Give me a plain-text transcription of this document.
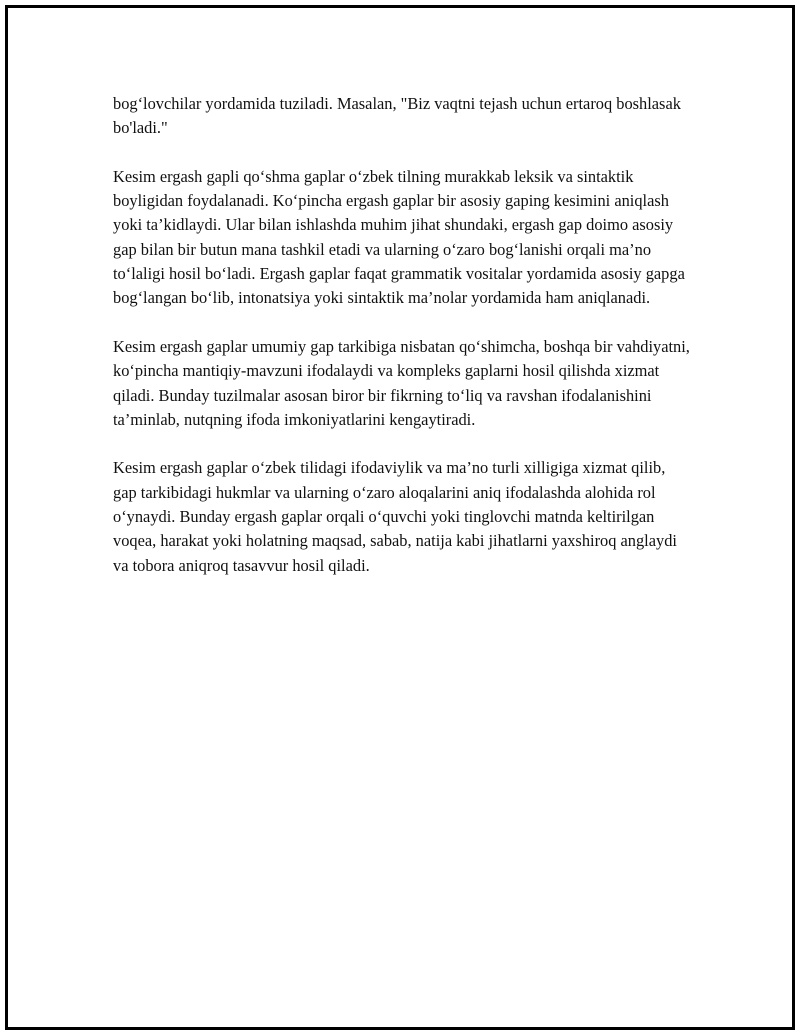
bog‘lovchilar yordamida tuziladi. Masalan, "Biz vaqtni tejash uchun ertaroq boshlasak bo'ladi."

Kesim ergash gapli qo‘shma gaplar o‘zbek tilning murakkab leksik va sintaktik boyligidan foydalanadi. Ko‘pincha ergash gaplar bir asosiy gaping kesimini aniqlash yoki ta’kidlaydi. Ular bilan ishlashda muhim jihat shundaki, ergash gap doimo asosiy gap bilan bir butun mana tashkil etadi va ularning o‘zaro bog‘lanishi orqali ma’no to‘laligi hosil bo‘ladi. Ergash gaplar faqat grammatik vositalar yordamida asosiy gapga bog‘langan bo‘lib, intonatsiya yoki sintaktik ma’nolar yordamida ham aniqlanadi.

Kesim ergash gaplar umumiy gap tarkibiga nisbatan qo‘shimcha, boshqa bir vahdiyatni, ko‘pincha mantiqiy-mavzuni ifodalaydi va kompleks gaplarni hosil qilishda xizmat qiladi. Bunday tuzilmalar asosan biror bir fikrning to‘liq va ravshan ifodalanishini ta’minlab, nutqning ifoda imkoniyatlarini kengaytiradi.

Kesim ergash gaplar o‘zbek tilidagi ifodaviylik va ma’no turli xilligiga xizmat qilib, gap tarkibidagi hukmlar va ularning o‘zaro aloqalarini aniq ifodalashda alohida rol o‘ynaydi. Bunday ergash gaplar orqali o‘quvchi yoki tinglovchi matnda keltirilgan voqea, harakat yoki holatning maqsad, sabab, natija kabi jihatlarni yaxshiroq anglaydi va tobora aniqroq tasavvur hosil qiladi.
